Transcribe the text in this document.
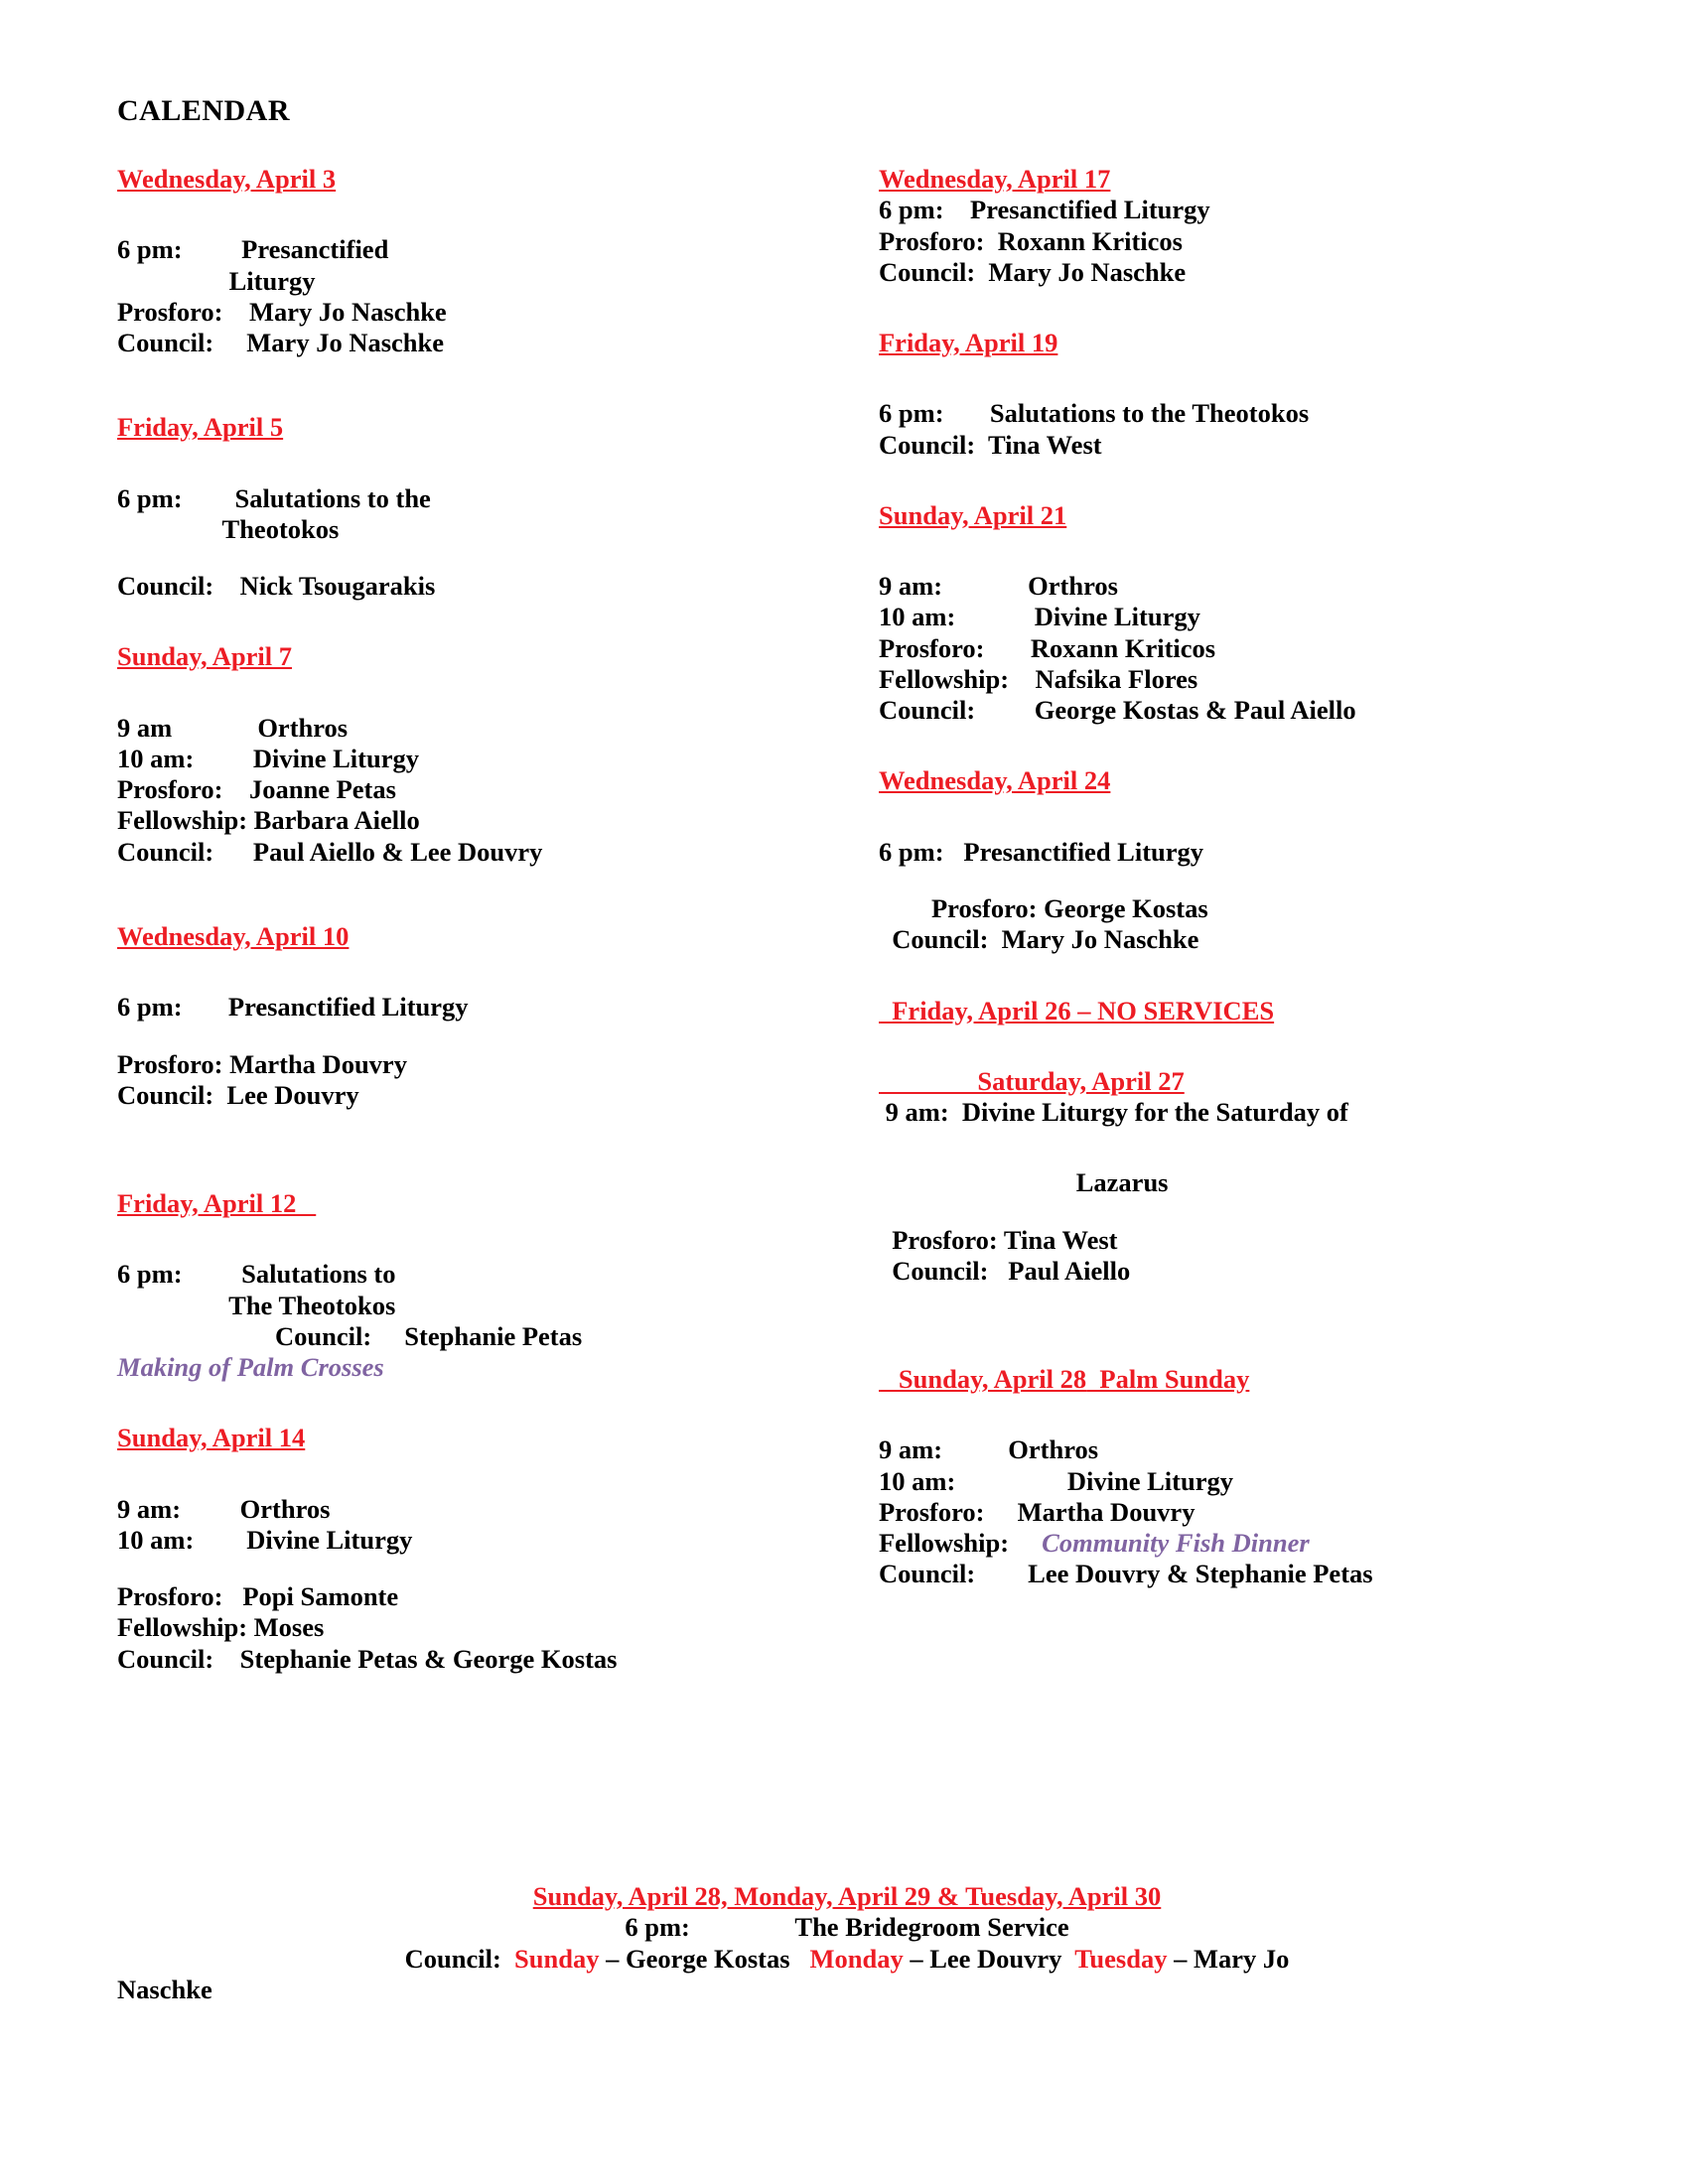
CALENDAR
Wednesday, April 3
6 pm:         Presanctified
Liturgy
Prosforo:    Mary Jo Naschke
Council:     Mary Jo Naschke
Friday, April 5
6 pm:        Salutations to the
Theotokos
Council:    Nick Tsougarakis
Sunday, April 7
9 am             Orthros
10 am:         Divine Liturgy
Prosforo:    Joanne Petas
Fellowship: Barbara Aiello
Council:      Paul Aiello & Lee Douvry
Wednesday, April 10
6 pm:       Presanctified Liturgy
Prosforo: Martha Douvry
Council:  Lee Douvry
Friday, April 12
6 pm:         Salutations to
The Theotokos
Council:     Stephanie Petas
Making of Palm Crosses
Sunday, April 14
9 am:         Orthros
10 am:        Divine Liturgy
Prosforo:   Popi Samonte
Fellowship: Moses
Council:    Stephanie Petas & George Kostas
Wednesday, April 17
6 pm:    Presanctified Liturgy
Prosforo:  Roxann Kriticos
Council:  Mary Jo Naschke
Friday, April 19
6 pm:       Salutations to the Theotokos
Council:  Tina West
Sunday, April 21
9 am:             Orthros
10 am:            Divine Liturgy
Prosforo:       Roxann Kriticos
Fellowship:    Nafsika Flores
Council:         George Kostas & Paul Aiello
Wednesday, April 24
6 pm:   Presanctified Liturgy
Prosforo: George Kostas
Council:  Mary Jo Naschke
Friday, April 26 – NO SERVICES
Saturday, April 27
9 am:  Divine Liturgy for the Saturday of
Lazarus
Prosforo: Tina West
Council:   Paul Aiello
Sunday, April 28  Palm Sunday
9 am:          Orthros
10 am:                 Divine Liturgy
Prosforo:     Martha Douvry
Fellowship:     Community Fish Dinner
Council:        Lee Douvry & Stephanie Petas
Sunday, April 28, Monday, April 29 & Tuesday, April 30
6 pm:                The Bridegroom Service
Council:  Sunday – George Kostas   Monday – Lee Douvry  Tuesday – Mary Jo
Naschke
